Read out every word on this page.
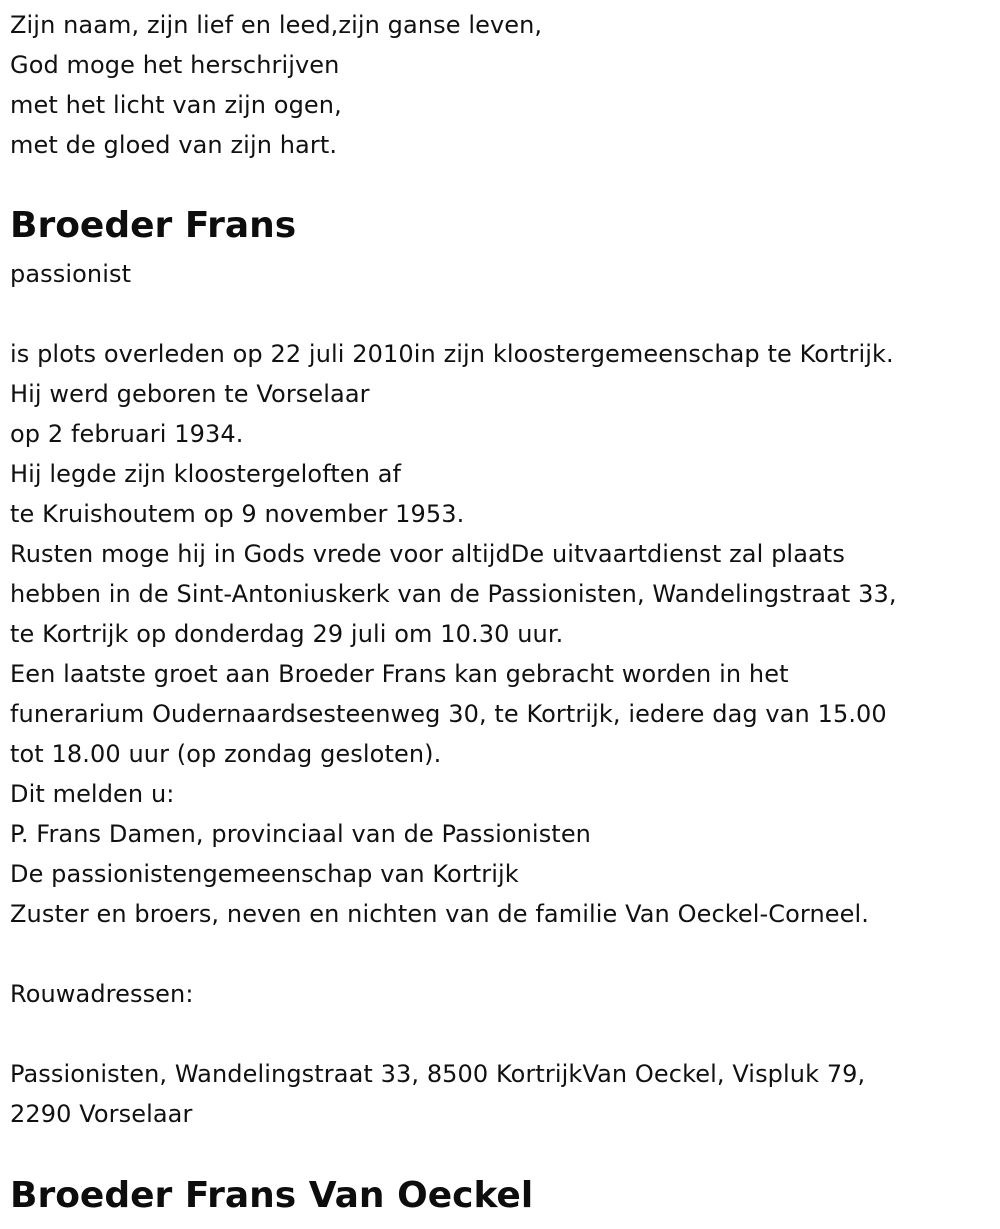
Zijn naam, zijn lief en leed,zijn ganse leven,

God moge het herschrijven

met het licht van zijn ogen,

met de gloed van zijn hart.

Broeder Frans

passionist

is plots overleden op 22 juli 2010in zijn kloostergemeenschap te Kortrijk.

Hij werd geboren te Vorselaar

op 2 februari 1934.

Hij legde zijn kloostergeloften af

te Kruishoutem op 9 november 1953.

Rusten moge hij in Gods vrede voor altijdDe uitvaartdienst zal plaats

hebben in de Sint-Antoniuskerk van de Passionisten, Wandelingstraat 33,

te Kortrijk op donderdag 29 juli om 10.30 uur.

Een laatste groet aan Broeder Frans kan gebracht worden in het

funerarium Oudernaardsesteenweg 30, te Kortrijk, iedere dag van 15.00

tot 18.00 uur (op zondag gesloten).

Dit melden u:

P. Frans Damen, provinciaal van de Passionisten

De passionistengemeenschap van Kortrijk

Zuster en broers, neven en nichten van de familie Van Oeckel-Corneel.

Rouwadressen:

Passionisten, Wandelingstraat 33, 8500 KortrijkVan Oeckel, Vispluk 79,

2290 Vorselaar

Broeder Frans Van Oeckel
